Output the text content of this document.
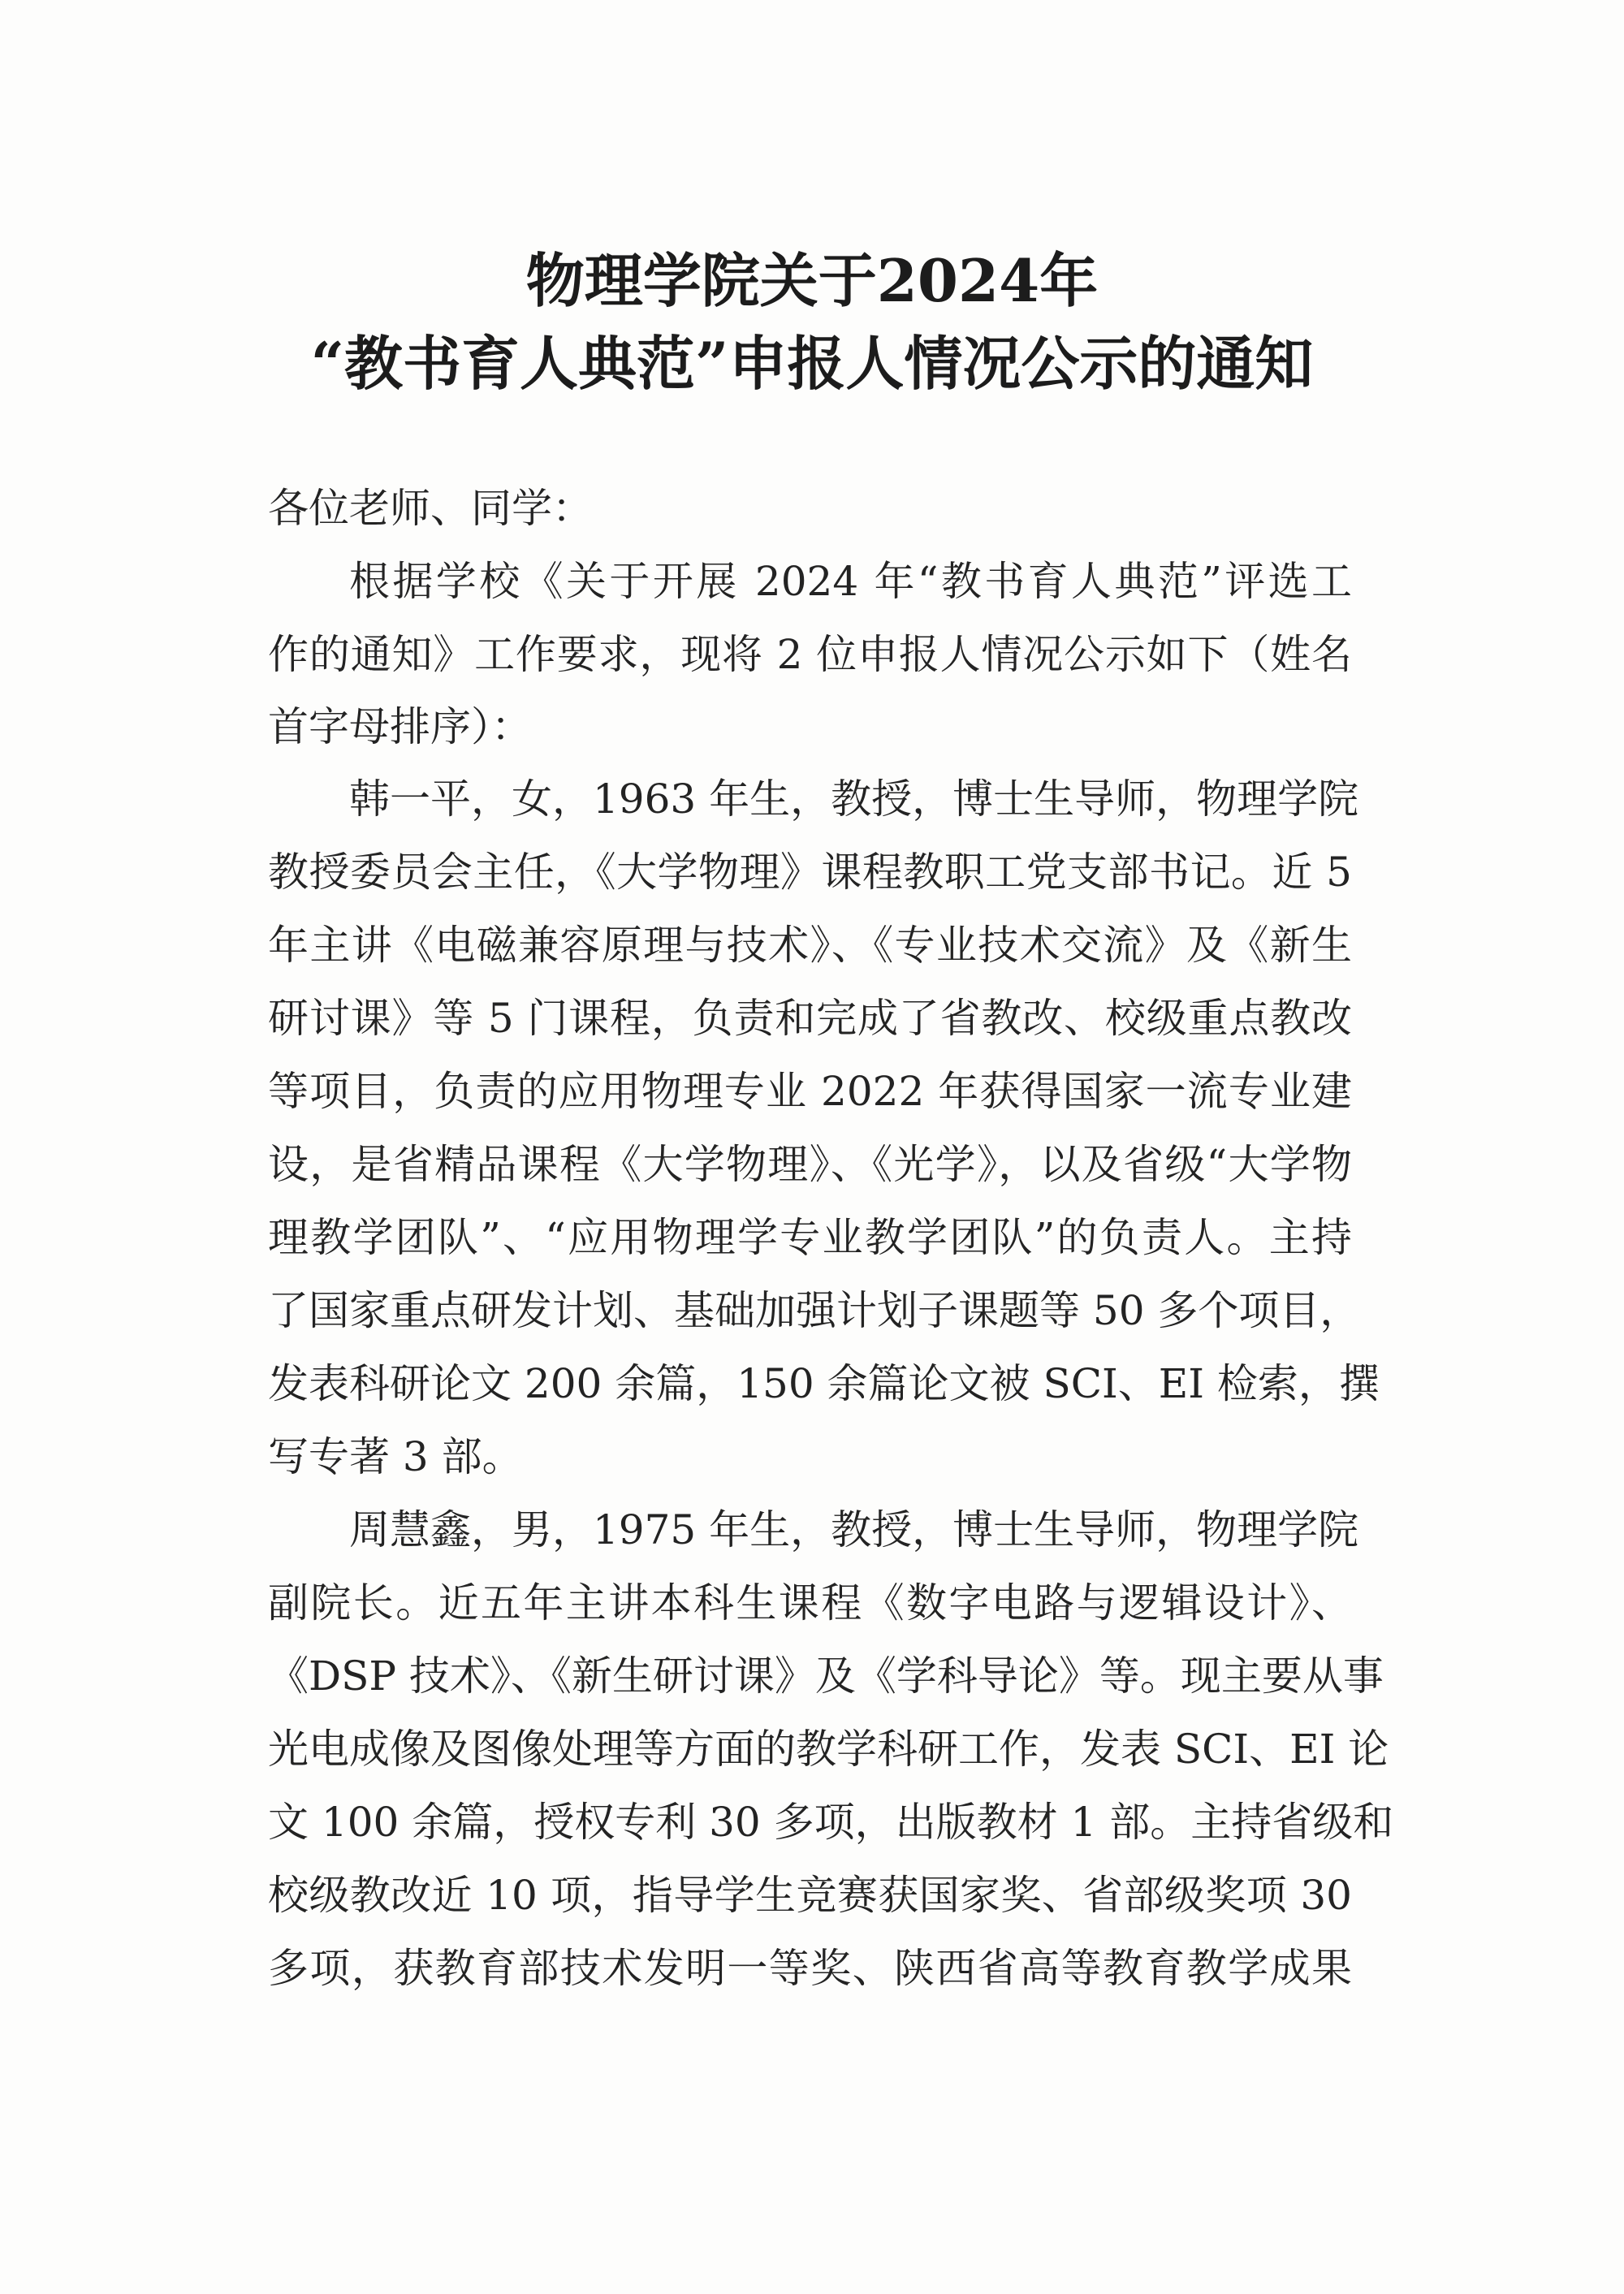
物理学院关于2024年
“教书育人典范”申报人情况公示的通知
各位老师、同学：
根据学校《关于开展 2024 年“教书育人典范”评选工
作的通知》工作要求，现将 2 位申报人情况公示如下（姓名
首字母排序）：
韩一平，女，1963 年生，教授，博士生导师，物理学院
教授委员会主任，《大学物理》课程教职工党支部书记。近 5
年主讲《电磁兼容原理与技术》、《专业技术交流》及《新生
研讨课》等 5 门课程，负责和完成了省教改、校级重点教改
等项目，负责的应用物理专业 2022 年获得国家一流专业建
设，是省精品课程《大学物理》、《光学》，以及省级“大学物
理教学团队”、“应用物理学专业教学团队”的负责人。主持
了国家重点研发计划、基础加强计划子课题等 50 多个项目，
发表科研论文 200 余篇，150 余篇论文被 SCI、EI 检索，撰
写专著 3 部。
周慧鑫，男，1975 年生，教授，博士生导师，物理学院
副院长。近五年主讲本科生课程《数字电路与逻辑设计》、
《DSP 技术》、《新生研讨课》及《学科导论》等。现主要从事
光电成像及图像处理等方面的教学科研工作，发表 SCI、EI 论
文 100 余篇，授权专利 30 多项，出版教材 1 部。主持省级和
校级教改近 10 项，指导学生竞赛获国家奖、省部级奖项 30
多项，获教育部技术发明一等奖、陕西省高等教育教学成果
